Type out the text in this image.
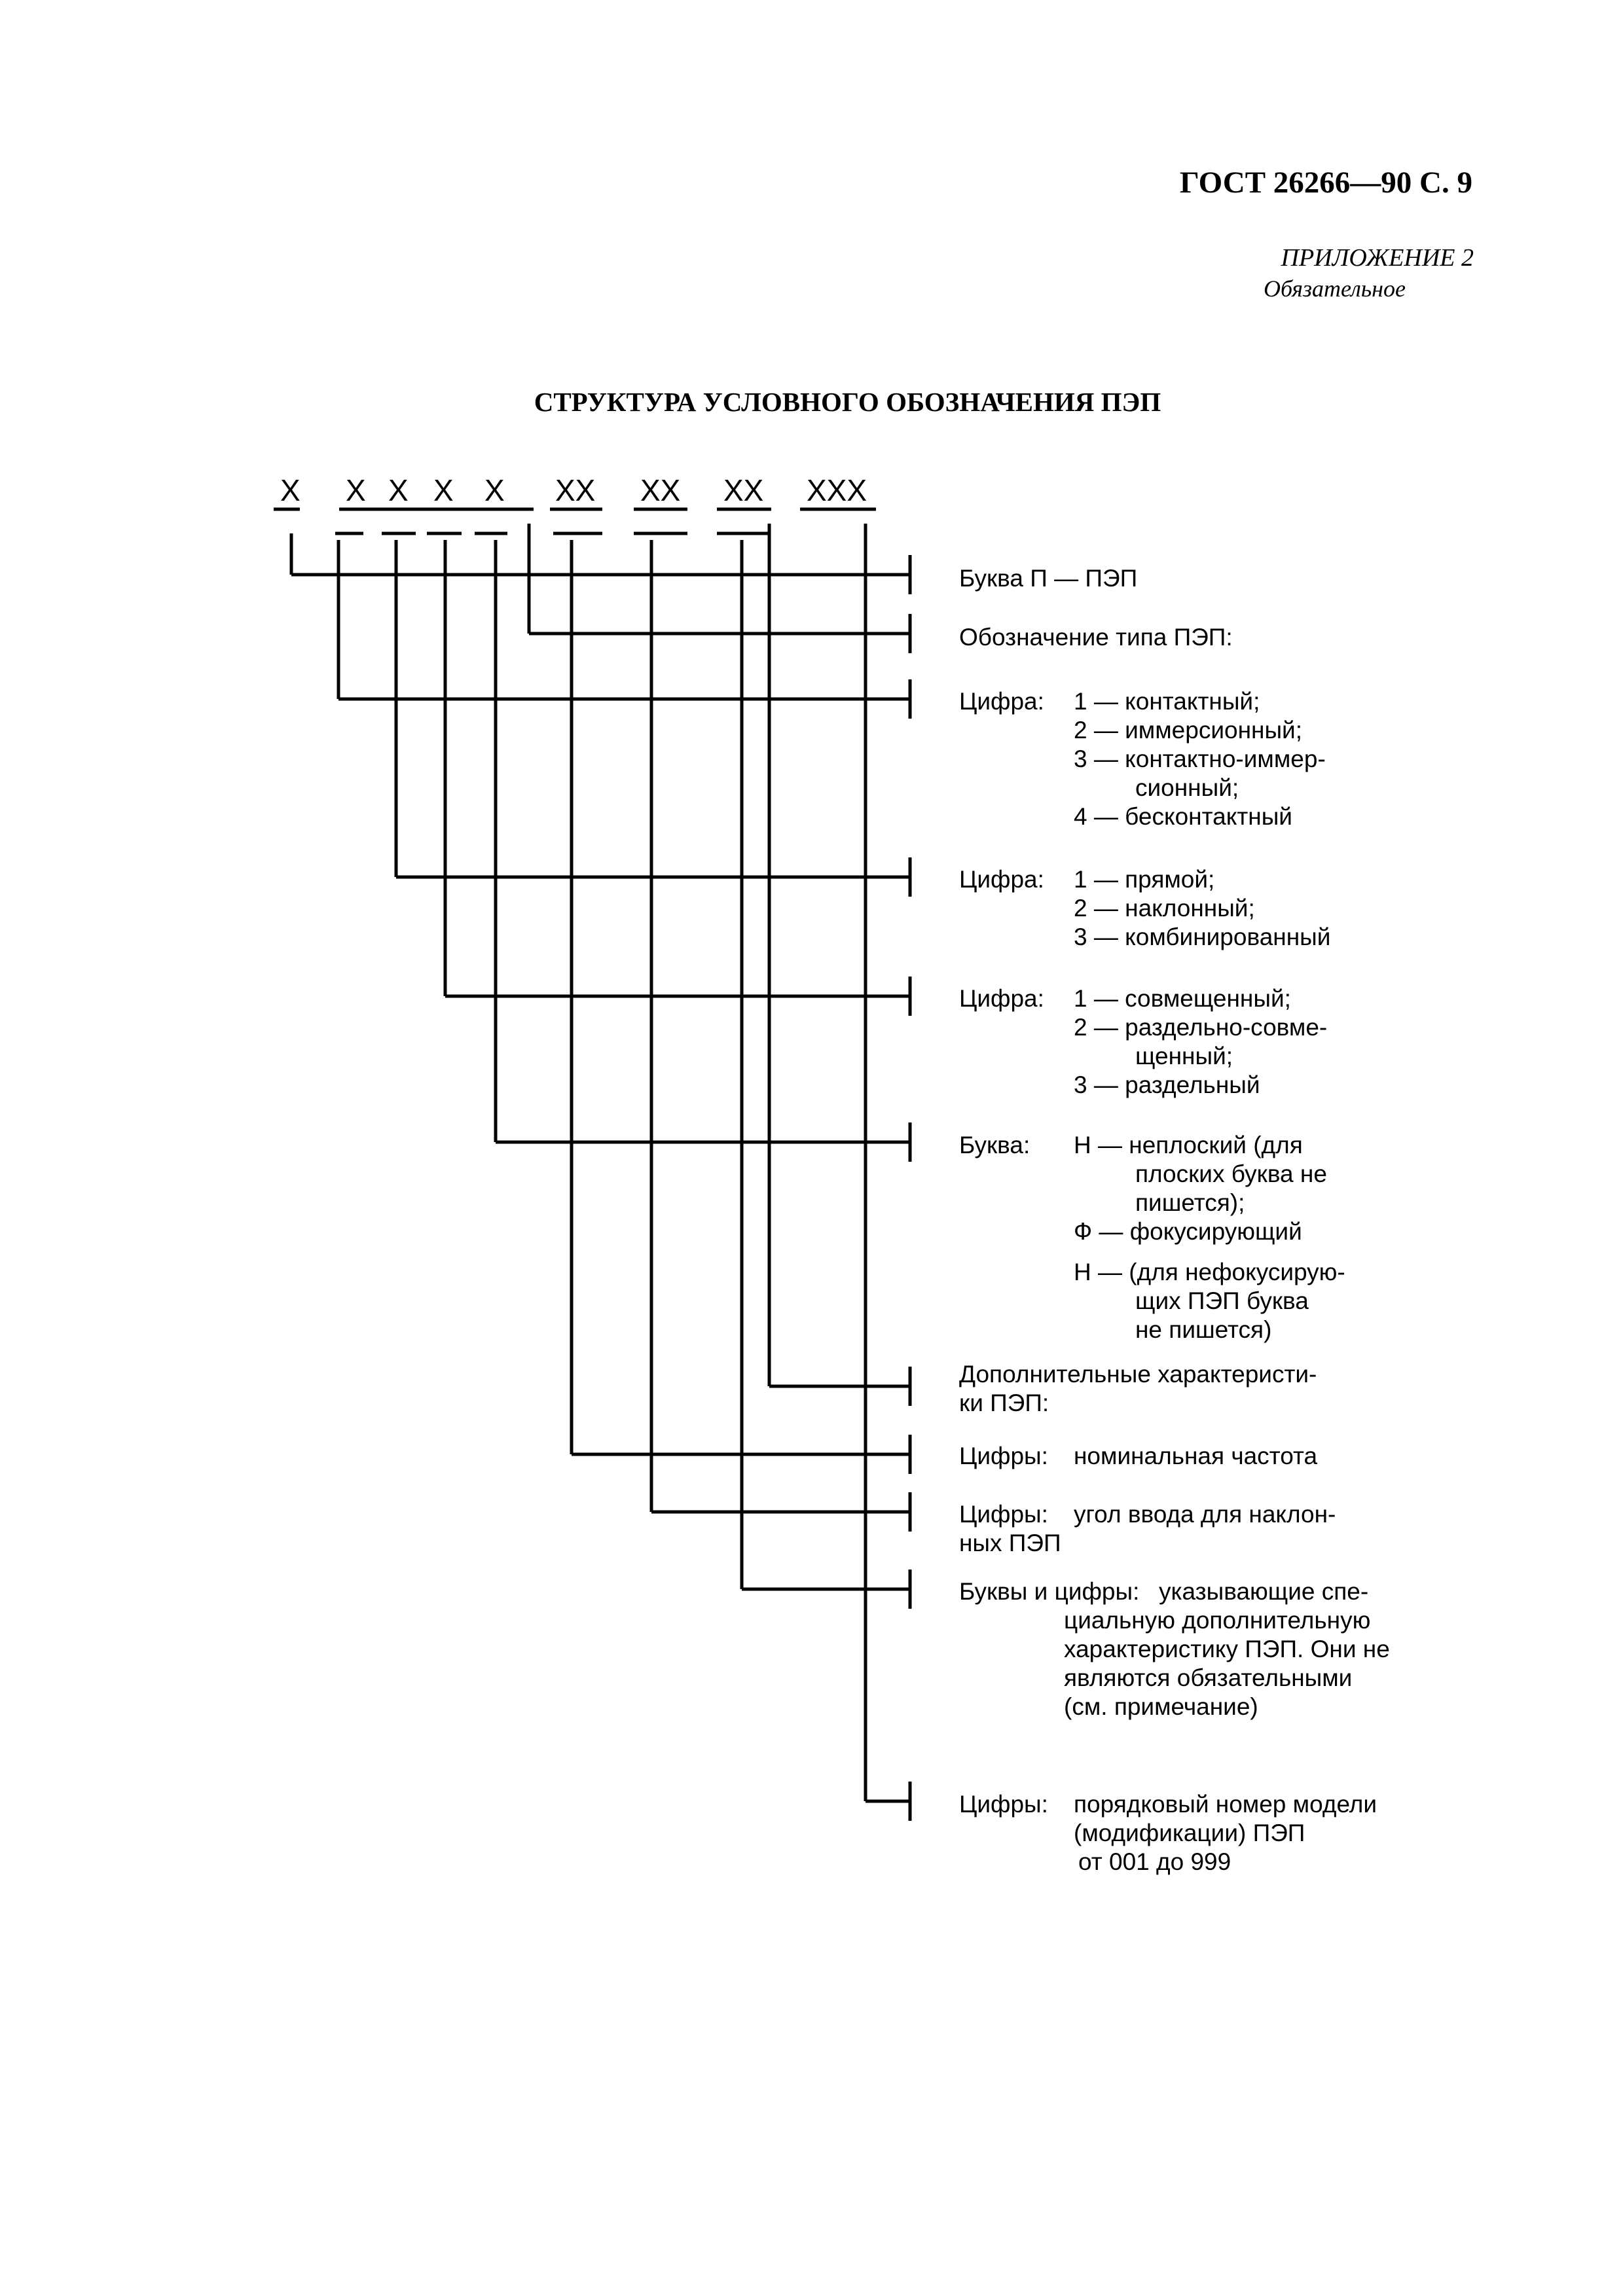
ГОСТ 26266—90 С. 9
ПРИЛОЖЕНИЕ 2
Обязательное
СТРУКТУРА УСЛОВНОГО ОБОЗНАЧЕНИЯ ПЭП
Х Х Х Х Х ХХ ХХ ХХ ХХХ
Буква П — ПЭП
Обозначение типа ПЭП:
Цифра: 1 — контактный;
2 — иммерсионный;
3 — контактно-иммер-
сионный;
4 — бесконтактный
Цифра: 1 — прямой;
2 — наклонный;
3 — комбинированный
Цифра: 1 — совмещенный;
2 — раздельно-совме-
щенный;
3 — раздельный
Буква: Н — неплоский (для
плоских буква не
пишется);
Ф — фокусирующий
Н — (для нефокусирую-
щих ПЭП буква
не пишется)
Дополнительные характеристи-
ки ПЭП:
Цифры: номинальная частота
Цифры: угол ввода для наклон-
ных ПЭП
Буквы и цифры: указывающие спе-
циальную дополнительную
характеристику ПЭП. Они не
являются обязательными
(см. примечание)
Цифры: порядковый номер модели
(модификации) ПЭП
от 001 до 999
